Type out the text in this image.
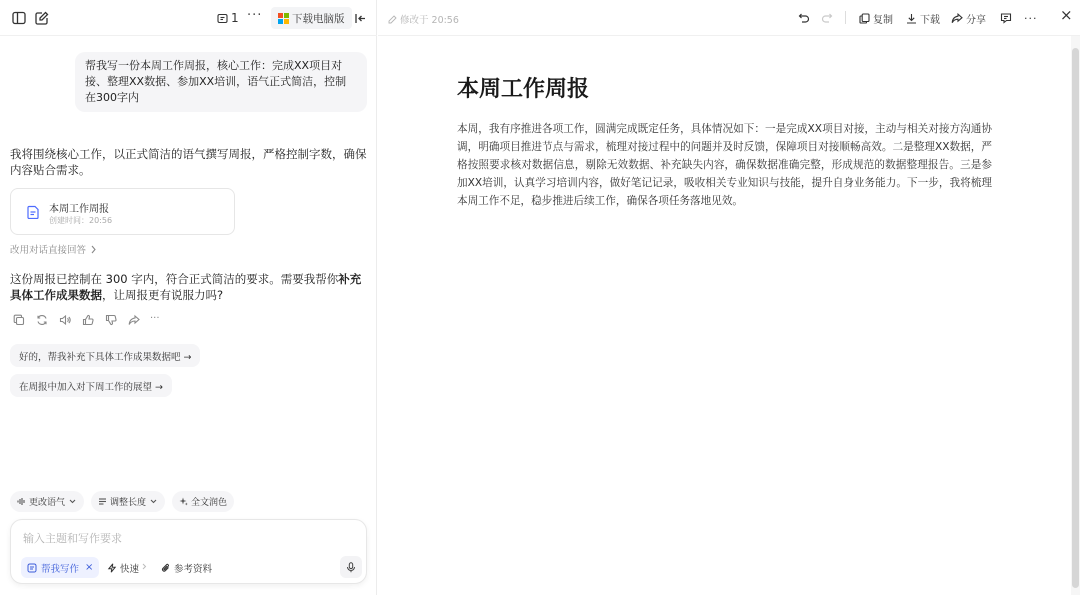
1 ···	下载电脑版
帮我写一份本周工作周报，核心工作：完成XX项目对接、整理XX数据、参加XX培训，语气正式简洁，控制在300字内
我将围绕核心工作，以正式简洁的语气撰写周报，严格控制字数，确保内容贴合需求。
本周工作周报
创建时间：20:56
改用对话直接回答
这份周报已控制在 300 字内，符合正式简洁的要求。需要我帮你补充具体工作成果数据，让周报更有说服力吗?
···
好的，帮我补充下具体工作成果数据吧 →
在周报中加入对下周工作的展望 →
更改语气	调整长度	全文润色
输入主题和写作要求
帮我写作 ×	快速	参考资料
修改于 20:56	复制	下载	分享	··· ×
本周工作周报
本周，我有序推进各项工作，圆满完成既定任务，具体情况如下：一是完成XX项目对接，主动与相关对接方沟通协调，明确项目推进节点与需求，梳理对接过程中的问题并及时反馈，保障项目对接顺畅高效。二是整理XX数据，严格按照要求核对数据信息，剔除无效数据、补充缺失内容，确保数据准确完整，形成规范的数据整理报告。三是参加XX培训，认真学习培训内容，做好笔记记录，吸收相关专业知识与技能，提升自身业务能力。下一步，我将梳理本周工作不足，稳步推进后续工作，确保各项任务落地见效。
